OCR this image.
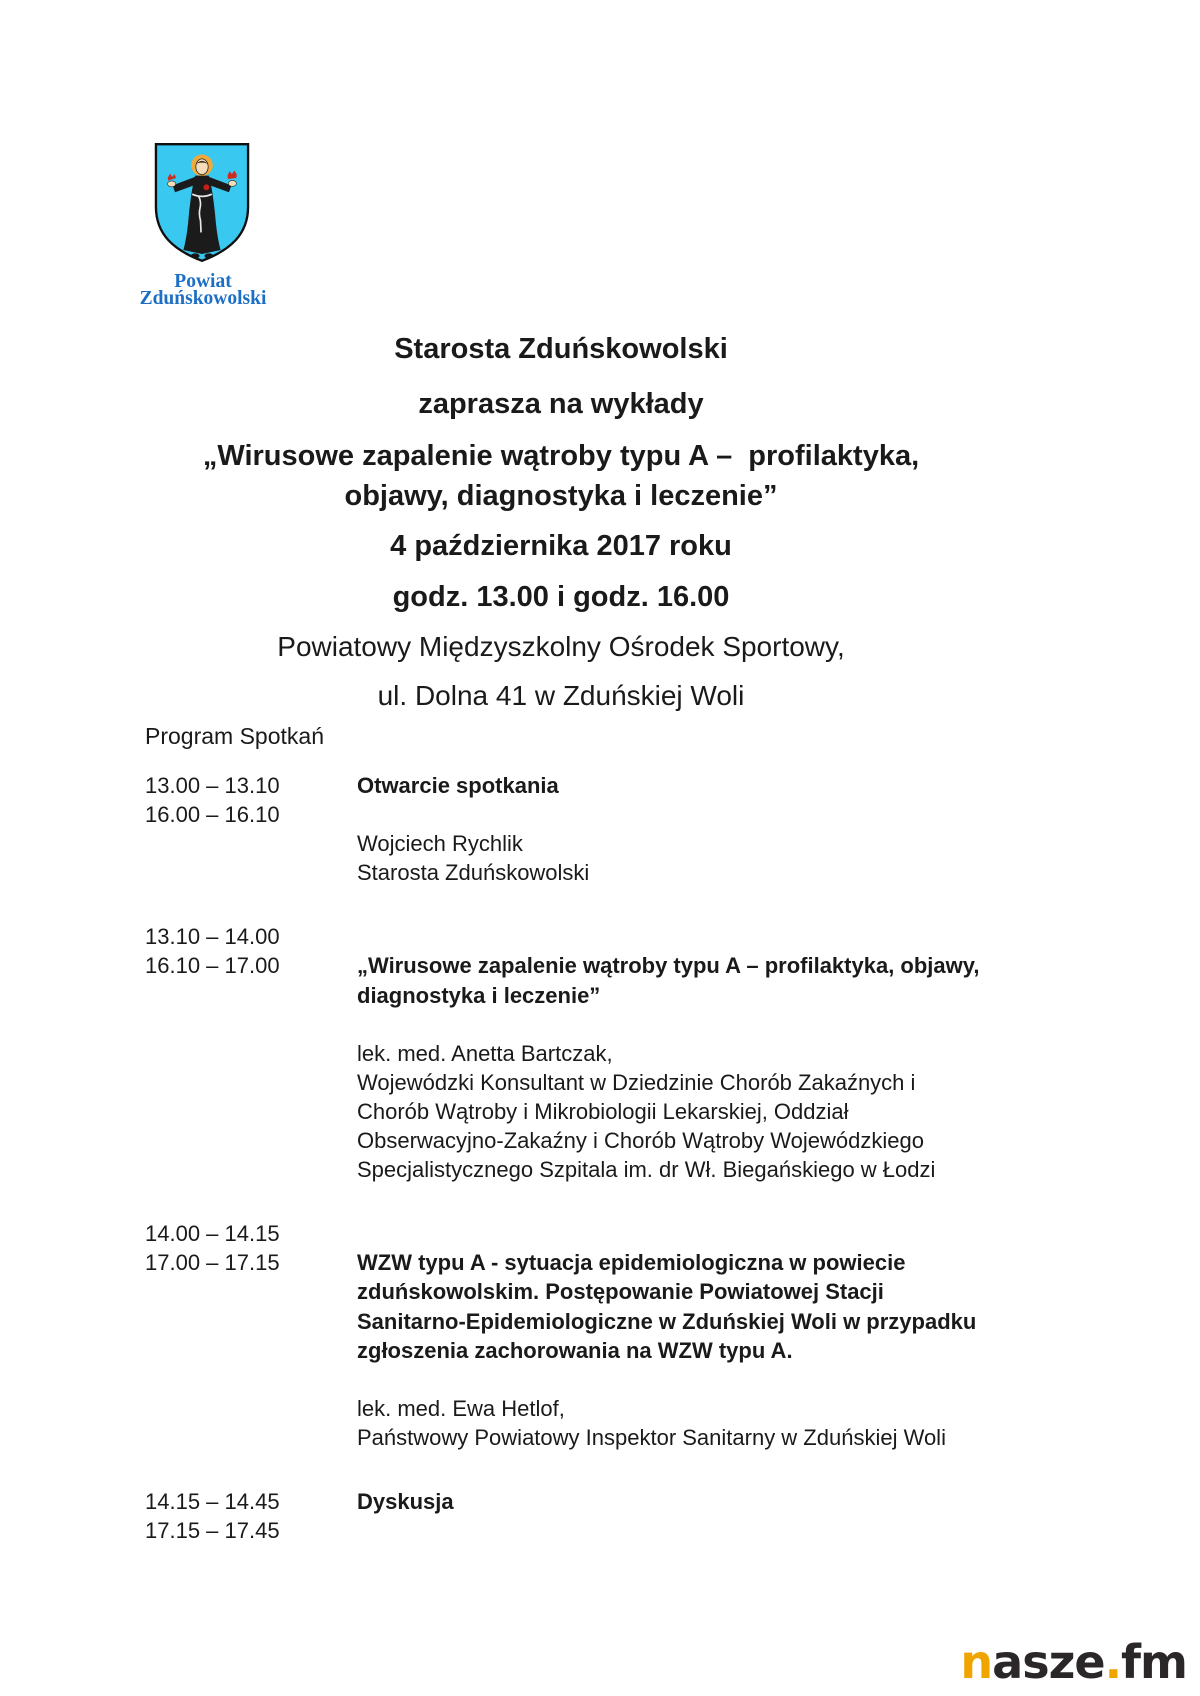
Powiat
Zduńskowolski
Starosta Zduńskowolski
zaprasza na wykłady
„Wirusowe zapalenie wątroby typu A –  profilaktyka,
objawy, diagnostyka i leczenie”
4 października 2017 roku
godz. 13.00 i godz. 16.00
Powiatowy Międzyszkolny Ośrodek Sportowy,
ul. Dolna 41 w Zduńskiej Woli
Program Spotkań
13.00 – 13.10
16.00 – 16.10
Otwarcie spotkania

Wojciech Rychlik
Starosta Zduńskowolski
13.10 – 14.00
16.10 – 17.00
	„Wirusowe zapalenie wątroby typu A – profilaktyka, objawy,
diagnostyka i leczenie”

lek. med. Anetta Bartczak,
Wojewódzki Konsultant w Dziedzinie Chorób Zakaźnych i
Chorób Wątroby i Mikrobiologii Lekarskiej, Oddział
Obserwacyjno-Zakaźny i Chorób Wątroby Wojewódzkiego
Specjalistycznego Szpitala im. dr Wł. Biegańskiego w Łodzi
14.00 – 14.15
17.00 – 17.15
	WZW typu A - sytuacja epidemiologiczna w powiecie
zduńskowolskim. Postępowanie Powiatowej Stacji
Sanitarno-Epidemiologiczne w Zduńskiej Woli w przypadku
zgłoszenia zachorowania na WZW typu A.

lek. med. Ewa Hetlof,
Państwowy Powiatowy Inspektor Sanitarny w Zduńskiej Woli
14.15 – 14.45
17.15 – 17.45
Dyskusja
nasze.fm
